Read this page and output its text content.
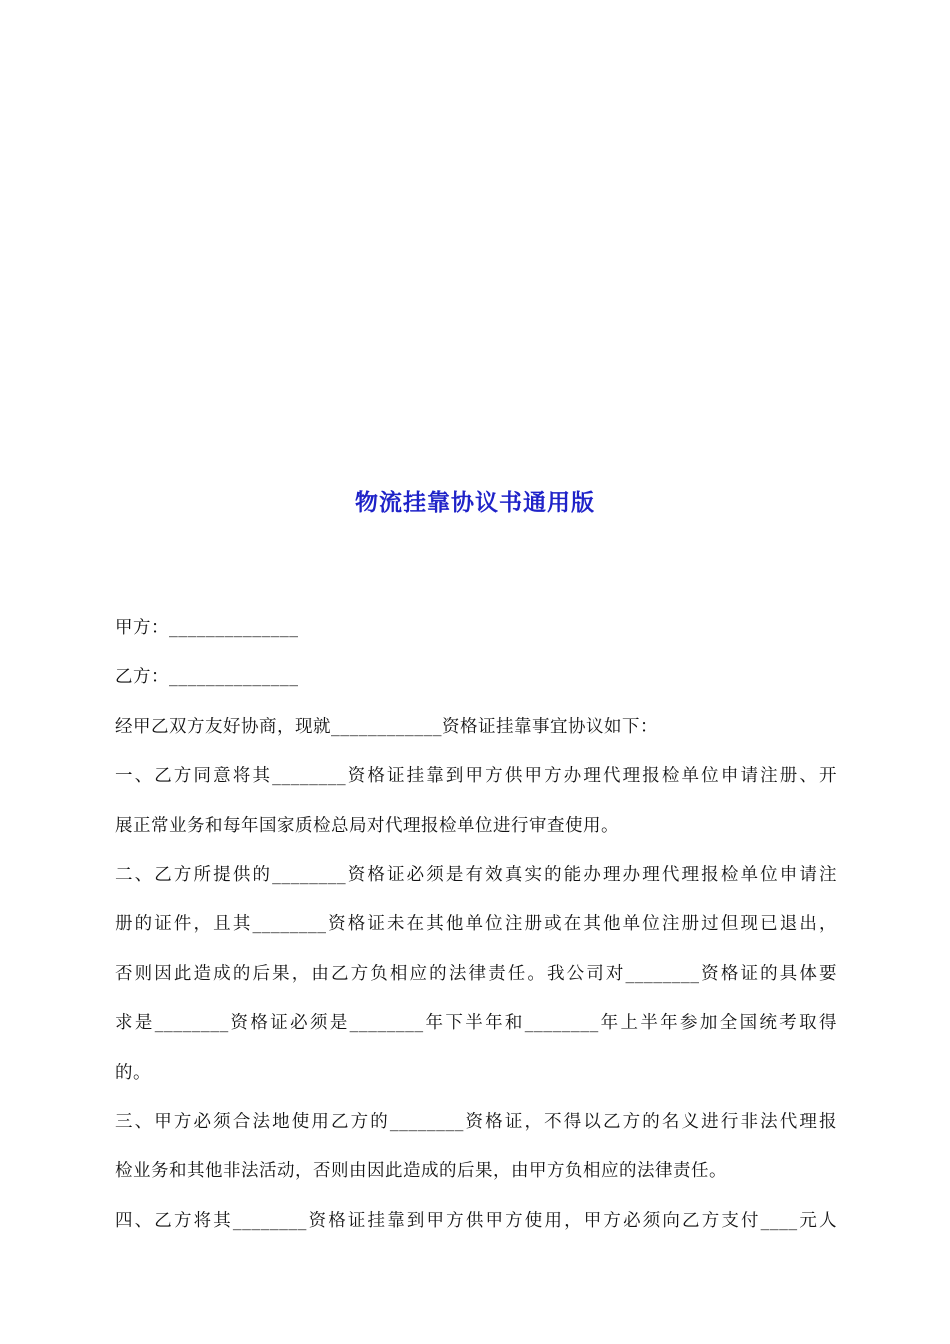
物流挂靠协议书通用版
甲方：______________
乙方：______________
经甲乙双方友好协商，现就____________资格证挂靠事宜协议如下：
一、乙方同意将其________资格证挂靠到甲方供甲方办理代理报检单位申请注册、开
展正常业务和每年国家质检总局对代理报检单位进行审查使用。
二、乙方所提供的________资格证必须是有效真实的能办理办理代理报检单位申请注
册的证件，且其________资格证未在其他单位注册或在其他单位注册过但现已退出，
否则因此造成的后果，由乙方负相应的法律责任。我公司对________资格证的具体要
求是________资格证必须是________年下半年和________年上半年参加全国统考取得
的。
三、甲方必须合法地使用乙方的________资格证，不得以乙方的名义进行非法代理报
检业务和其他非法活动，否则由因此造成的后果，由甲方负相应的法律责任。
四、乙方将其________资格证挂靠到甲方供甲方使用，甲方必须向乙方支付____元人
